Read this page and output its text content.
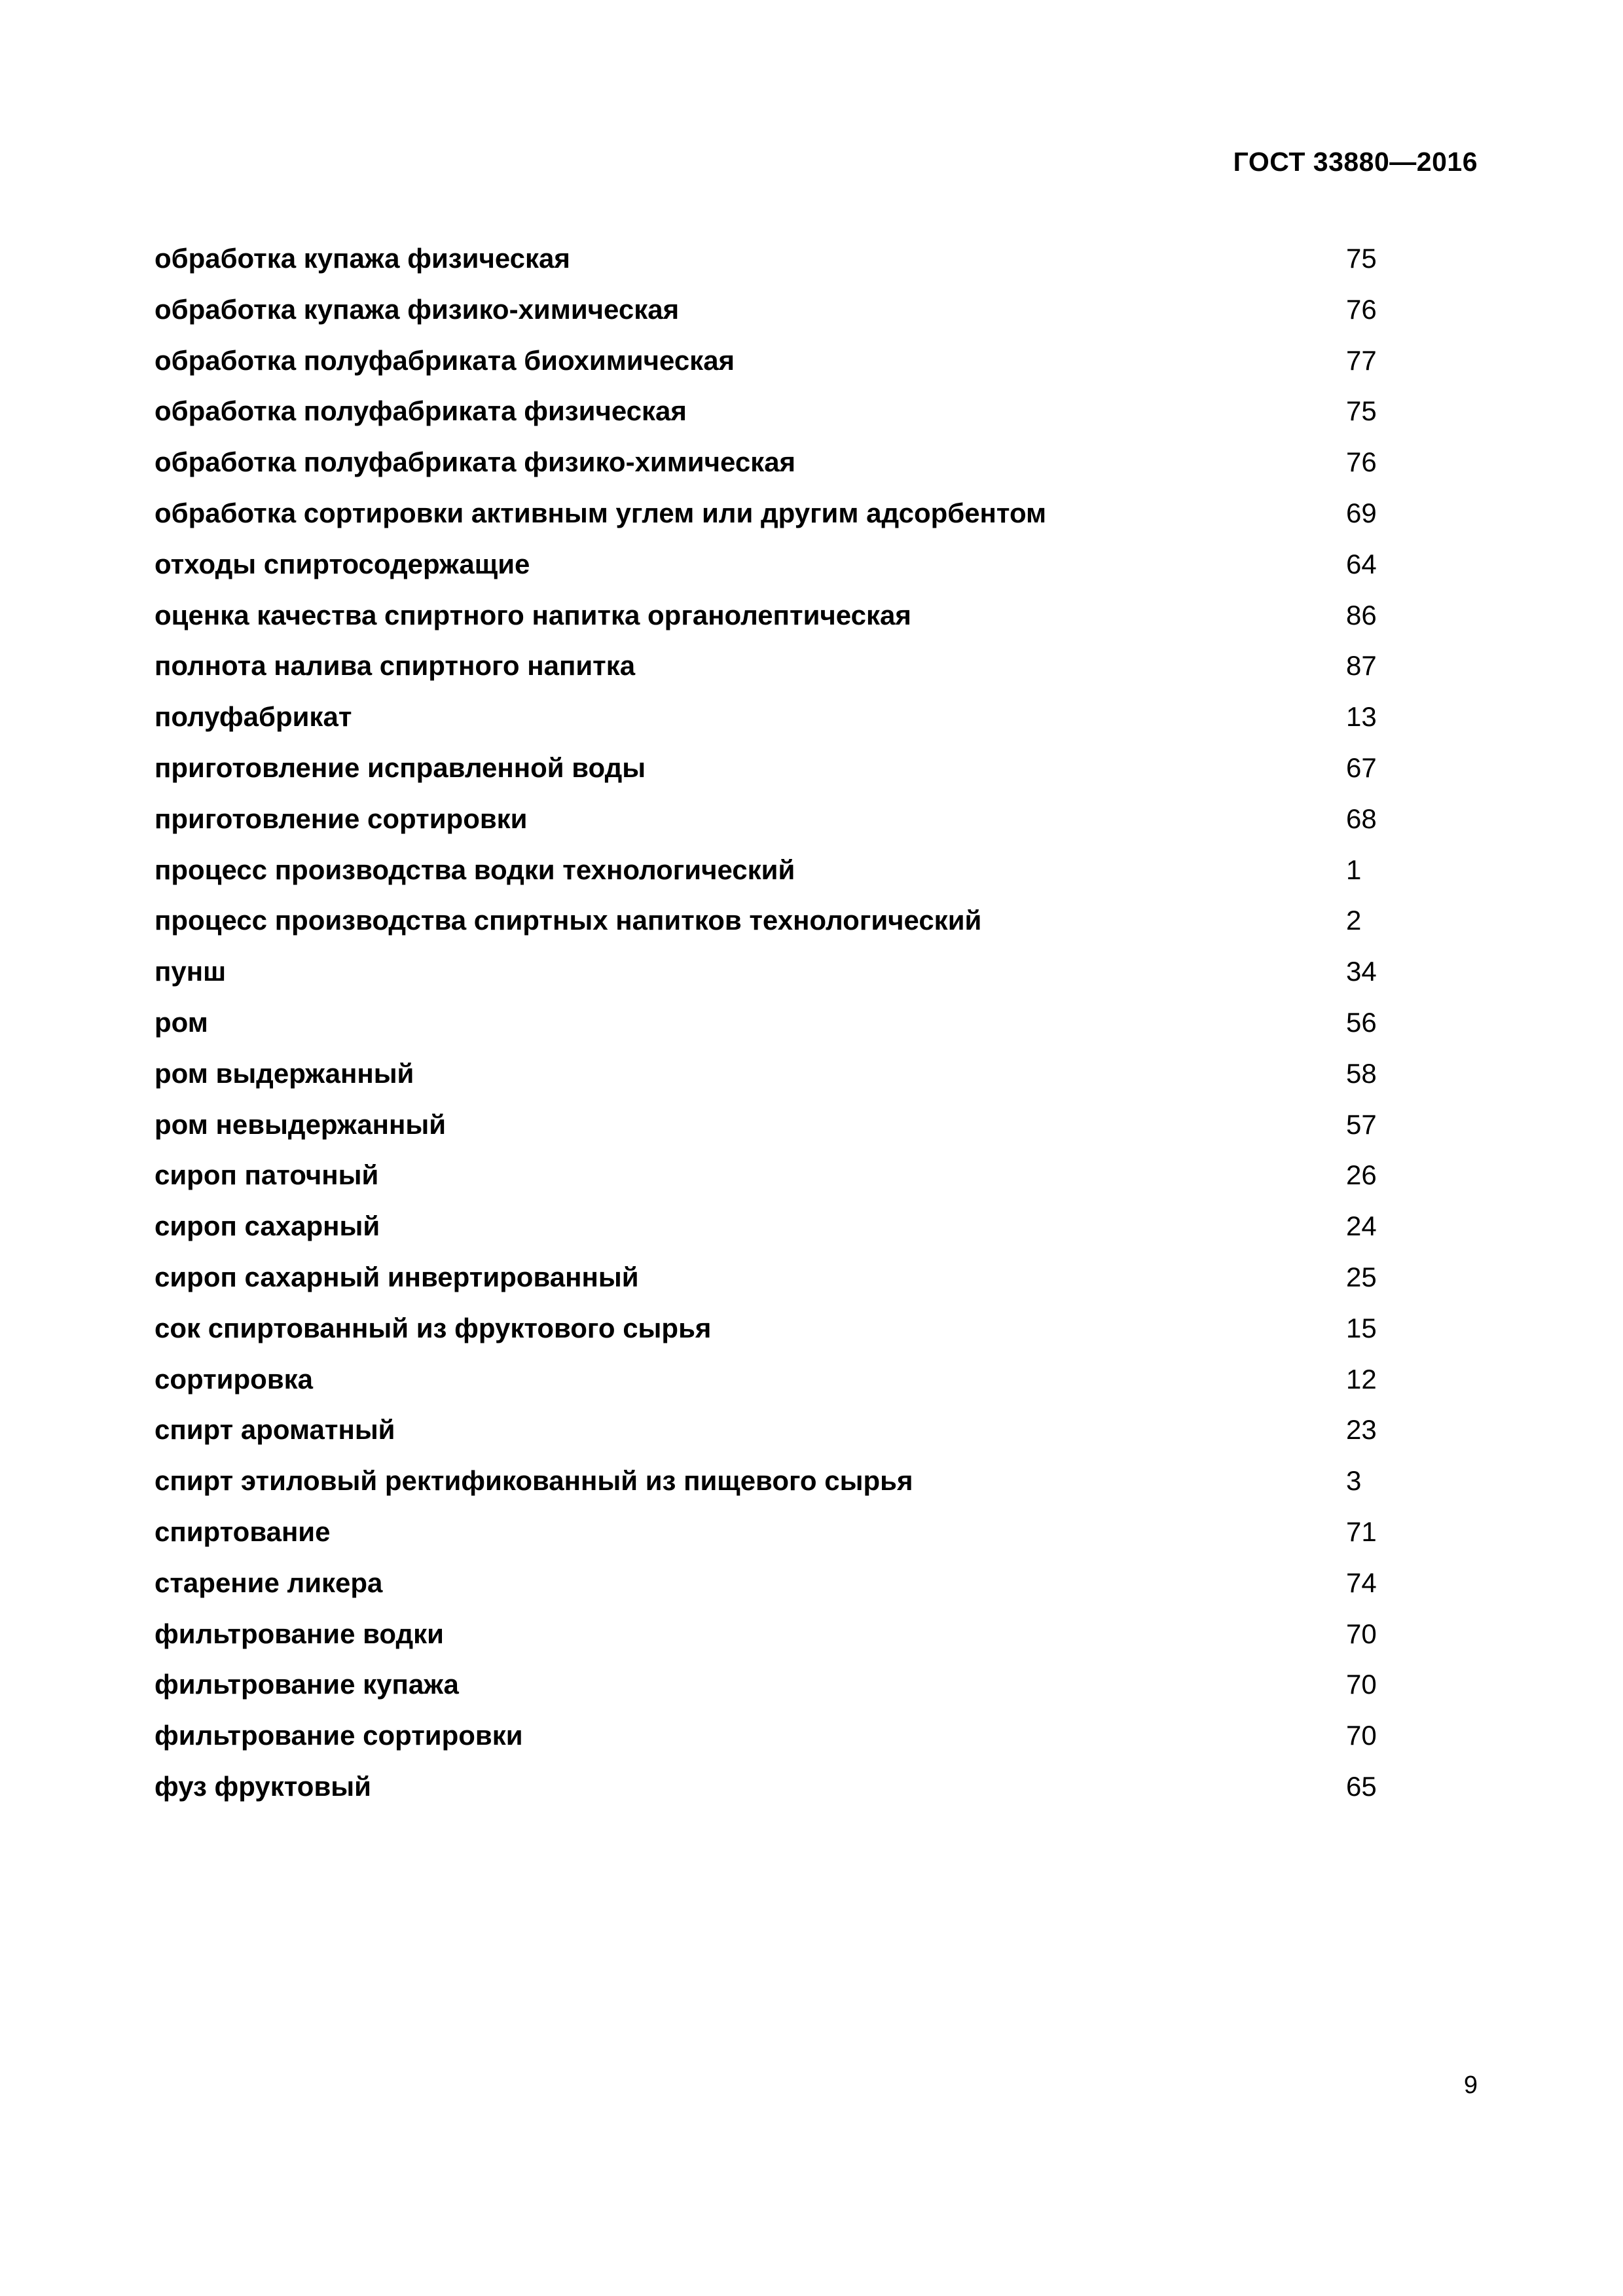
ГОСТ 33880—2016
обработка купажа физическая	75
обработка купажа физико-химическая	76
обработка полуфабриката биохимическая	77
обработка полуфабриката физическая	75
обработка полуфабриката физико-химическая	76
обработка сортировки активным углем или другим адсорбентом	69
отходы спиртосодержащие	64
оценка качества спиртного напитка органолептическая	86
полнота налива спиртного напитка	87
полуфабрикат	13
приготовление исправленной воды	67
приготовление сортировки	68
процесс производства водки технологический	1
процесс производства спиртных напитков технологический	2
пунш	34
ром	56
ром выдержанный	58
ром невыдержанный	57
сироп паточный	26
сироп сахарный	24
сироп сахарный инвертированный	25
сок спиртованный из фруктового сырья	15
сортировка	12
спирт ароматный	23
спирт этиловый ректификованный из пищевого сырья	3
спиртование	71
старение ликера	74
фильтрование водки	70
фильтрование купажа	70
фильтрование сортировки	70
фуз фруктовый	65

9
